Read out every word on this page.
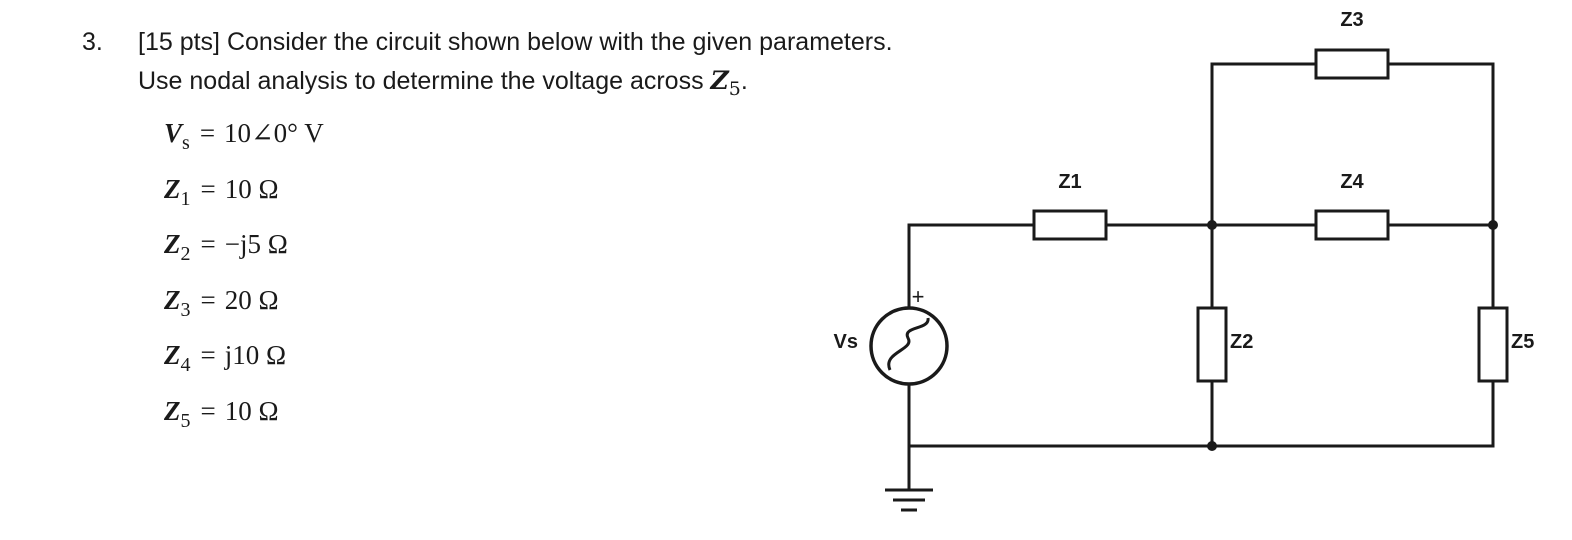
3. [15 pts] Consider the circuit shown below with the given parameters.
Use nodal analysis to determine the voltage across $Z_5$.
$V_s$ = 10∠0° V
$Z_1 = 10$ Ω
$Z_2 = -j5$ Ω
$Z_3 = 20$ Ω
$Z_4 = j10$ Ω
$Z_5 = 10$ Ω
Z3
Z1	Z4
Z2	Z5
Vs
+
